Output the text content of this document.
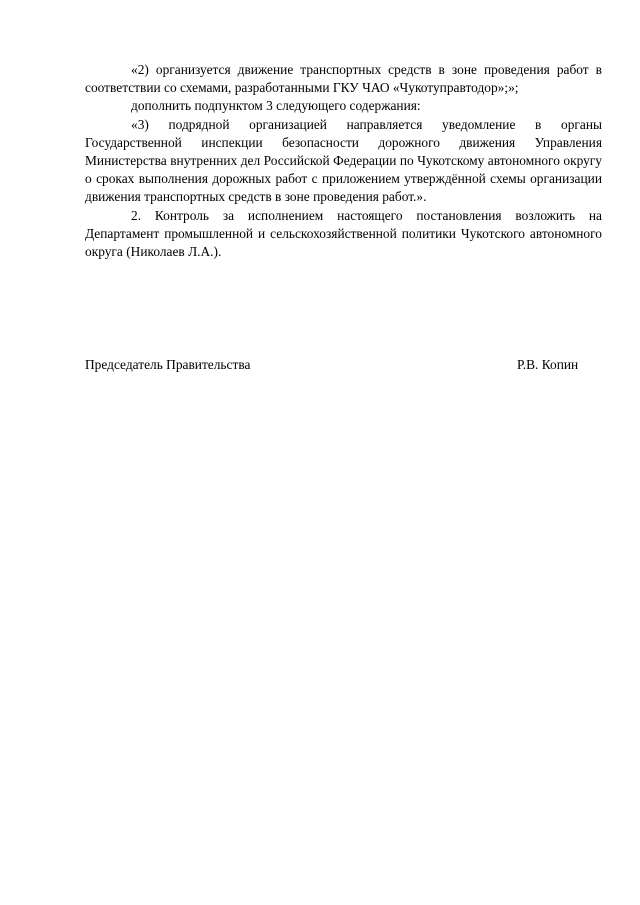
«2) организуется движение транспортных средств в зоне проведения работ в соответствии со схемами, разработанными ГКУ ЧАО «Чукотуправтодор»;»;

дополнить подпунктом 3 следующего содержания:

«3) подрядной организацией направляется уведомление в органы Государственной инспекции безопасности дорожного движения Управления Министерства внутренних дел Российской Федерации по Чукотскому автономного округу о сроках выполнения дорожных работ с приложением утверждённой схемы организации движения транспортных средств в зоне проведения работ.».

2. Контроль за исполнением настоящего постановления возложить на Департамент промышленной и сельскохозяйственной политики Чукотского автономного округа (Николаев Л.А.).

Председатель Правительства	Р.В. Копин
